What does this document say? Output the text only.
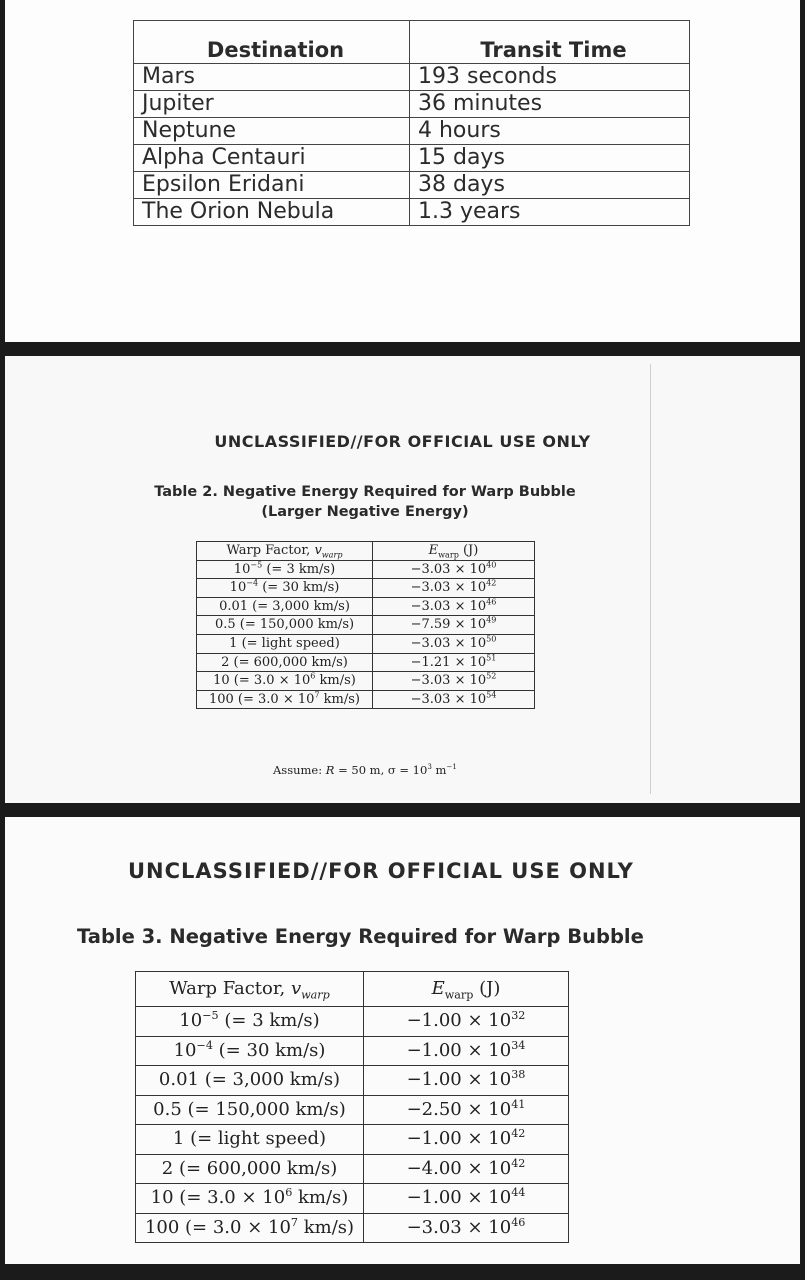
Destination	Transit Time
Mars	193 seconds
Jupiter	36 minutes
Neptune	4 hours
Alpha Centauri	15 days
Epsilon Eridani	38 days
The Orion Nebula	1.3 years
UNCLASSIFIED//FOR OFFICIAL USE ONLY
Table 2. Negative Energy Required for Warp Bubble
(Larger Negative Energy)
Warp Factor, $v_{warp}$	$E_{warp}$ (J)
$10^{-5}$ (= 3 km/s)	$-3.03 \times 10^{40}$
$10^{-4}$ (= 30 km/s)	$-3.03 \times 10^{42}$
0.01 (= 3,000 km/s)	$-3.03 \times 10^{46}$
0.5 (= 150,000 km/s)	$-7.59 \times 10^{49}$
1 (= light speed)	$-3.03 \times 10^{50}$
2 (= 600,000 km/s)	$-1.21 \times 10^{51}$
10 (= $3.0 \times 10^6$ km/s)	$-3.03 \times 10^{52}$
100 (= $3.0 \times 10^7$ km/s)	$-3.03 \times 10^{54}$
Assume: R = 50 m, $\sigma = 10^3$ $m^{-1}$
UNCLASSIFIED//FOR OFFICIAL USE ONLY
Table 3. Negative Energy Required for Warp Bubble
Warp Factor, $v_{warp}$	$E_{warp}$ (J)
$10^{-5}$ (= 3 km/s)	$-1.00 \times 10^{32}$
$10^{-4}$ (= 30 km/s)	$-1.00 \times 10^{34}$
0.01 (= 3,000 km/s)	$-1.00 \times 10^{38}$
0.5 (= 150,000 km/s)	$-2.50 \times 10^{41}$
1 (= light speed)	$-1.00 \times 10^{42}$
2 (= 600,000 km/s)	$-4.00 \times 10^{42}$
10 (= $3.0 \times 10^6$ km/s)	$-1.00 \times 10^{44}$
100 (= $3.0 \times 10^7$ km/s)	$-3.03 \times 10^{46}$
